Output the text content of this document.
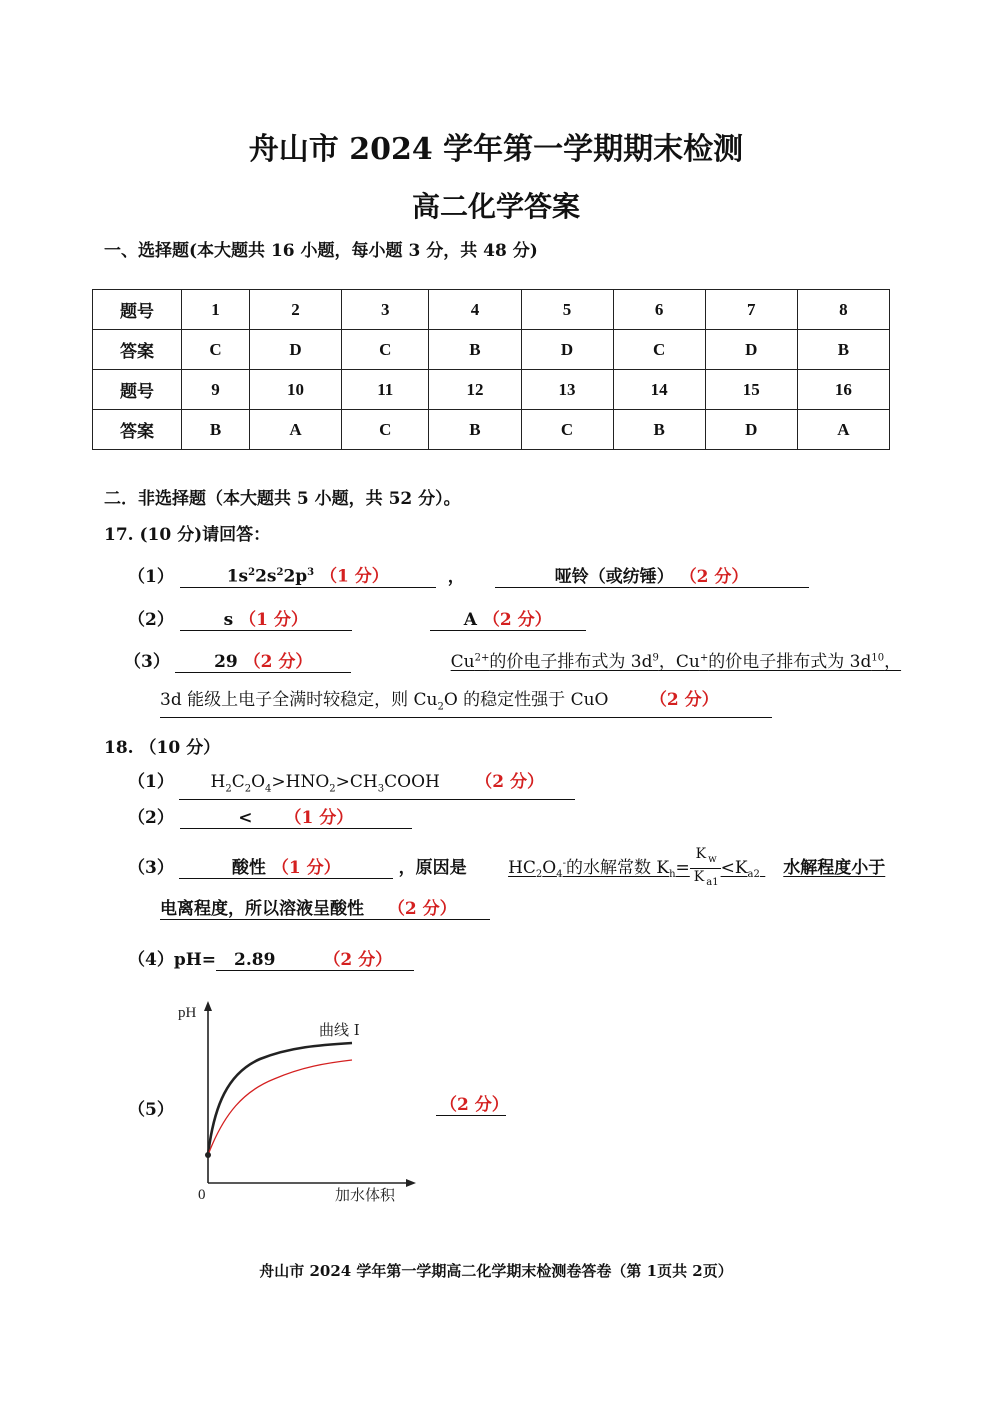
舟山市 2024 学年第一学期期末检测
高二化学答案
一、选择题(本大题共 16 小题，每小题 3 分，共 48 分)
题号	1	2	3	4	5	6	7	8
答案	C	D	C	B	D	C	D	B
题号	9	10	11	12	13	14	15	16
答案	B	A	C	B	C	B	D	A
二．非选择题（本大题共 5 小题，共 52 分）。
17. (10 分)请回答：
（1）	$1s^22s^22p^3$ （1 分）	，	哑铃（或纺锤） （2 分）
（2）	s （1 分）	A （2 分）
（3）	29 （2 分）	$Cu^{2+}$的价电子排布式为 $3d^9$，Cu+的价电子排布式为 $3d^{10}$，
3d 能级上电子全满时较稳定，则 $Cu_2O$ 的稳定性强于 CuO （2 分）
18. （10 分）
（1） $H_2C_2O_4>HNO_2>CH_3COOH$ （2 分）
（2）	< （1 分）
（3）	酸性 （1 分）	，原因是 $HC_2O_4^-$的水解常数 $K_h= \frac{K _w}{K _{a1}} <K_{a2}$ 水解程度小于
电离程度，所以溶液呈酸性 （2 分）
（4）pH= 2.89	（2 分）
（5）	（2 分）
pH
0	加水体积
曲线 Ⅰ
舟山市 2024 学年第一学期高二化学期末检测卷答卷（第 1页共 2页）
